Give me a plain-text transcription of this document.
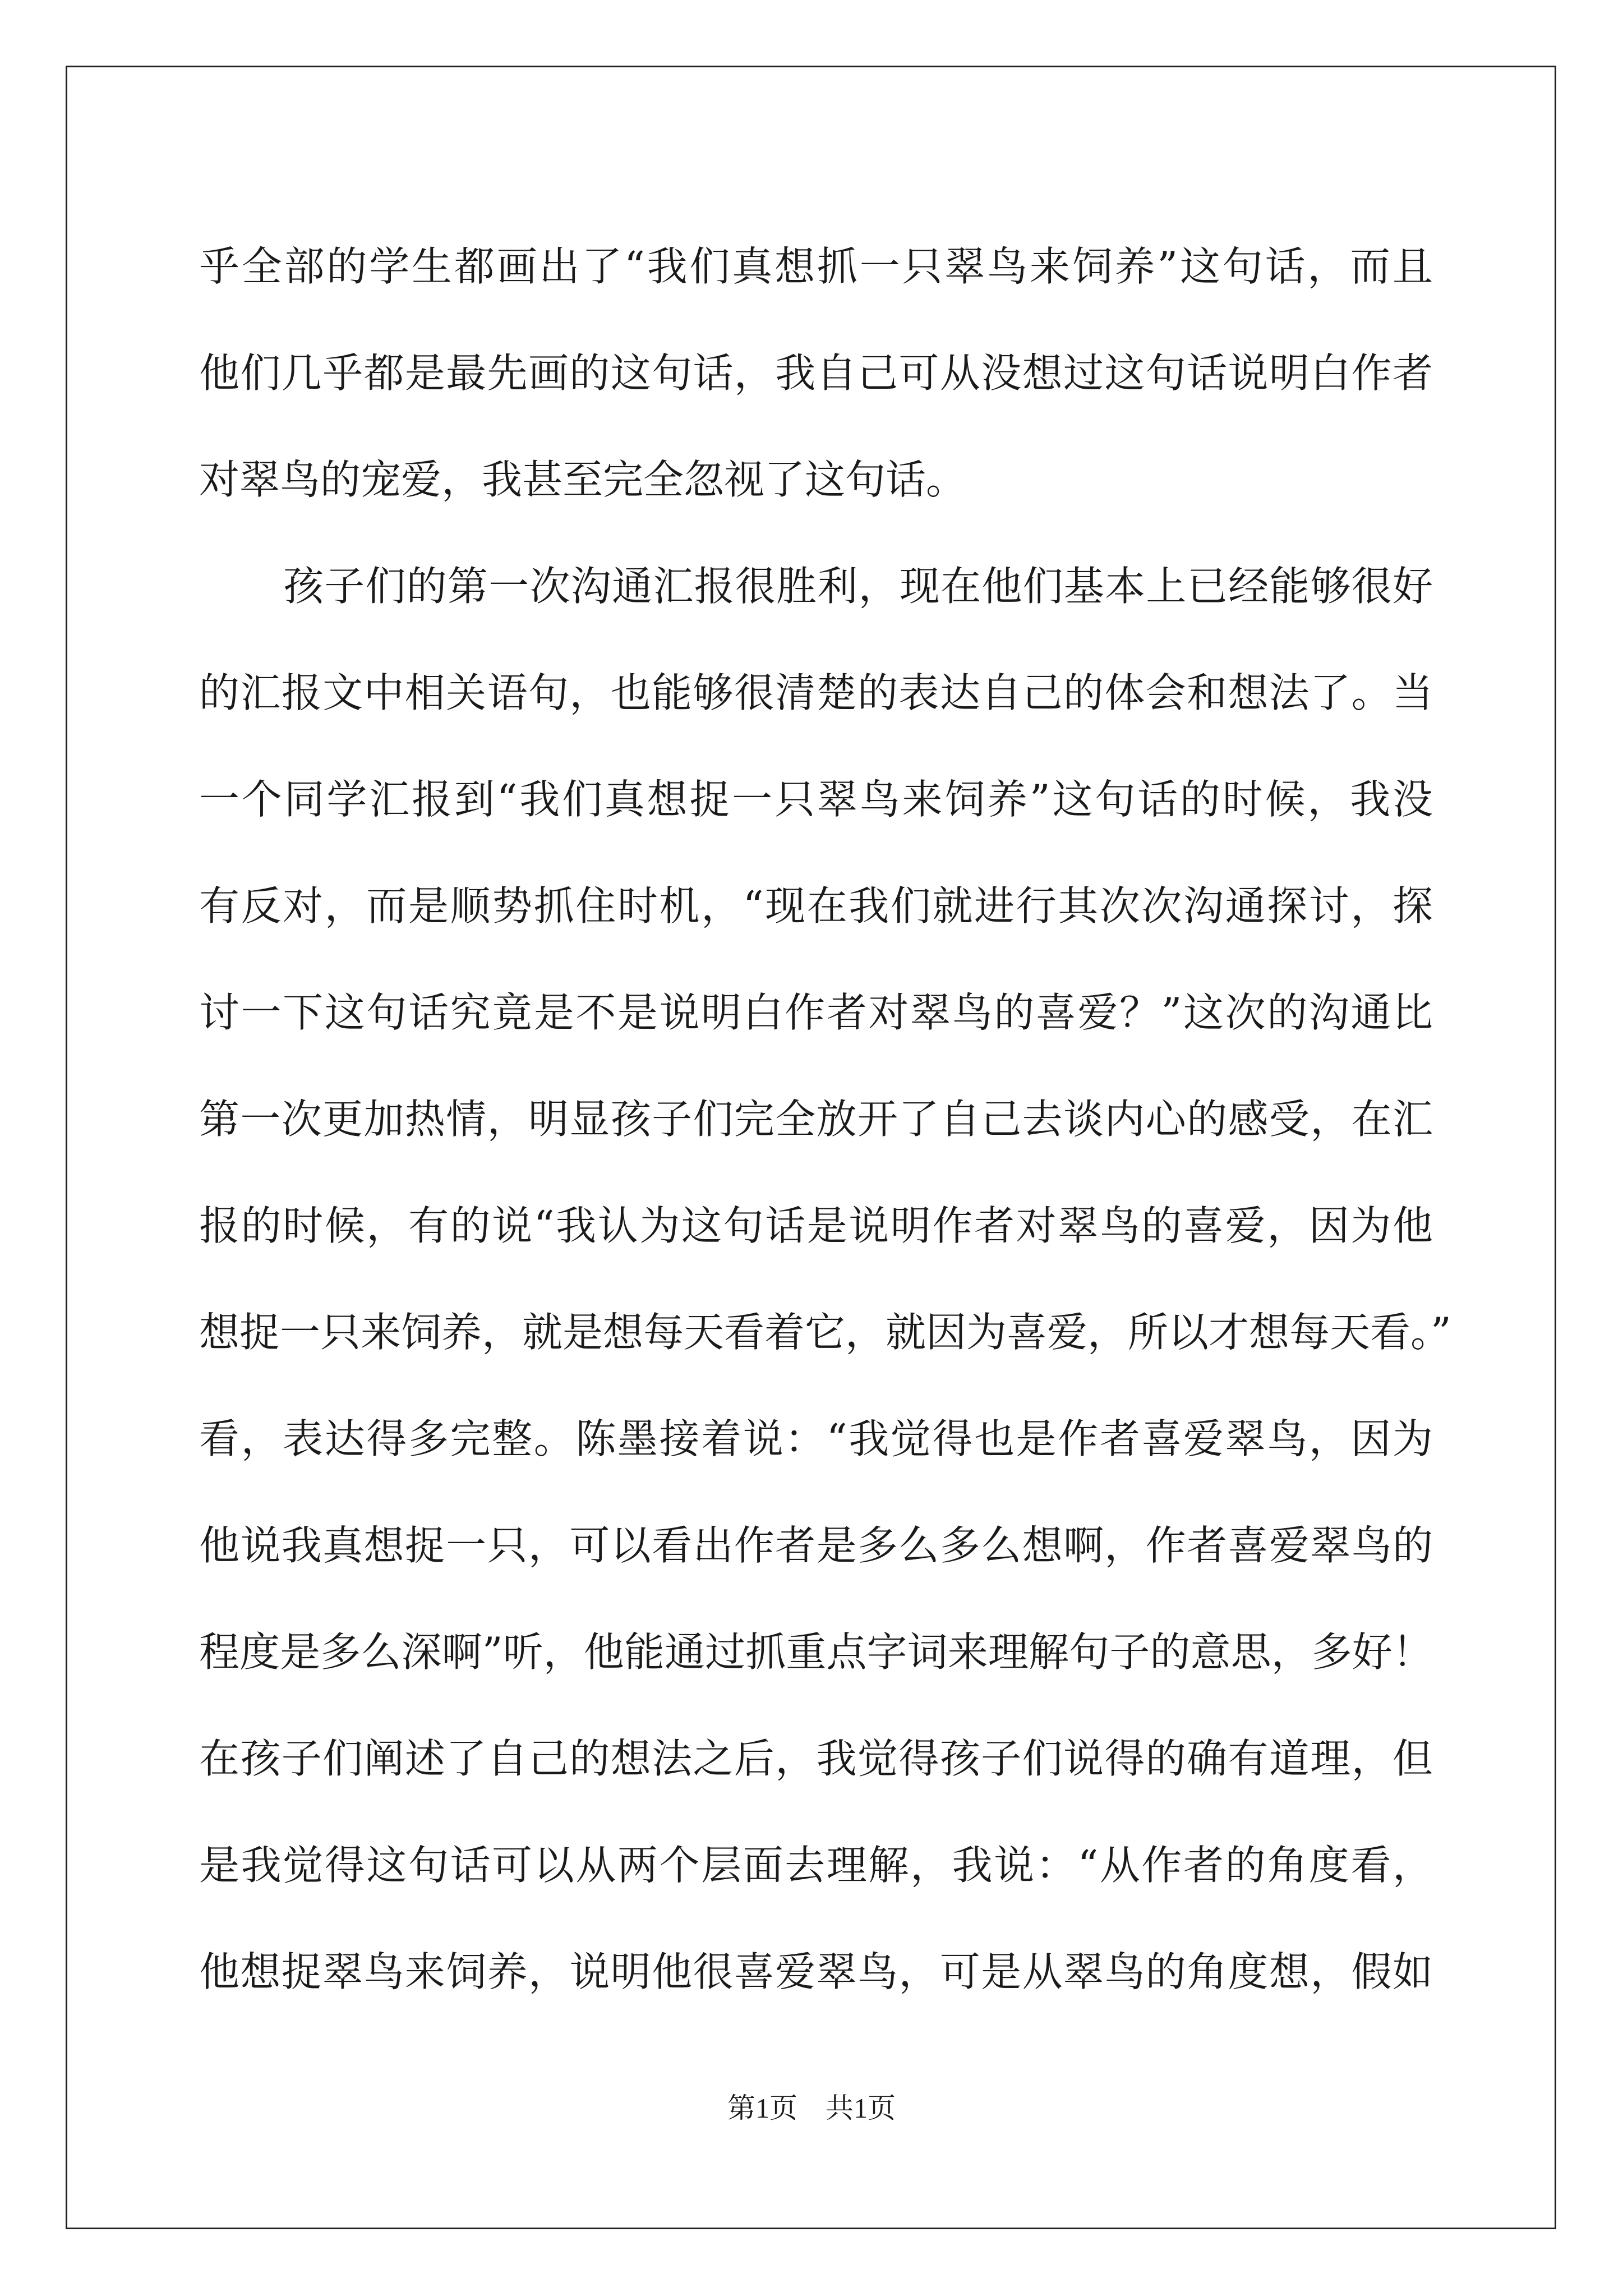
乎全部的学生都画出了“我们真想抓一只翠鸟来饲养”这句话，而且
他们几乎都是最先画的这句话，我自己可从没想过这句话说明白作者
对翠鸟的宠爱，我甚至完全忽视了这句话。
孩子们的第一次沟通汇报很胜利，现在他们基本上已经能够很好
的汇报文中相关语句，也能够很清楚的表达自己的体会和想法了。当
一个同学汇报到“我们真想捉一只翠鸟来饲养”这句话的时候，我没
有反对，而是顺势抓住时机，“现在我们就进行其次次沟通探讨，探
讨一下这句话究竟是不是说明白作者对翠鸟的喜爱？”这次的沟通比
第一次更加热情，明显孩子们完全放开了自己去谈内心的感受，在汇
报的时候，有的说“我认为这句话是说明作者对翠鸟的喜爱，因为他
想捉一只来饲养，就是想每天看着它，就因为喜爱，所以才想每天看。”
看，表达得多完整。陈墨接着说：“我觉得也是作者喜爱翠鸟，因为
他说我真想捉一只，可以看出作者是多么多么想啊，作者喜爱翠鸟的
程度是多么深啊”听，他能通过抓重点字词来理解句子的意思，多好！
在孩子们阐述了自己的想法之后，我觉得孩子们说得的确有道理，但
是我觉得这句话可以从两个层面去理解，我说：“从作者的角度看，
他想捉翠鸟来饲养，说明他很喜爱翠鸟，可是从翠鸟的角度想，假如
第1页　共1页
